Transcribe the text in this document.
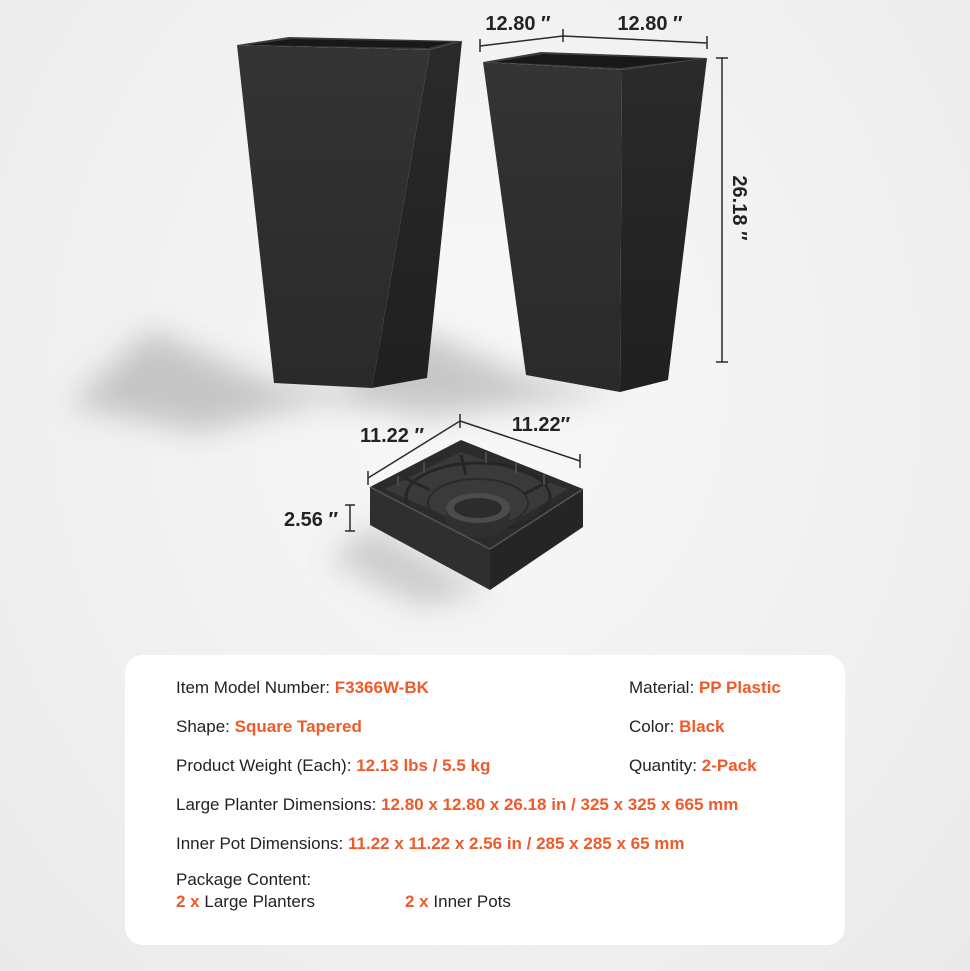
12.80 ″	12.80 ″
26.18 ″
11.22 ″	11.22″
2.56 ″
Item Model Number: F3366W-BK	Material: PP Plastic
Shape: Square Tapered	Color: Black
Product Weight (Each): 12.13 lbs / 5.5 kg	Quantity: 2-Pack
Large Planter Dimensions: 12.80 x 12.80 x 26.18 in / 325 x 325 x 665 mm
Inner Pot Dimensions: 11.22 x 11.22 x 2.56 in / 285 x 285 x 65 mm
Package Content:
2 x Large Planters	2 x Inner Pots
